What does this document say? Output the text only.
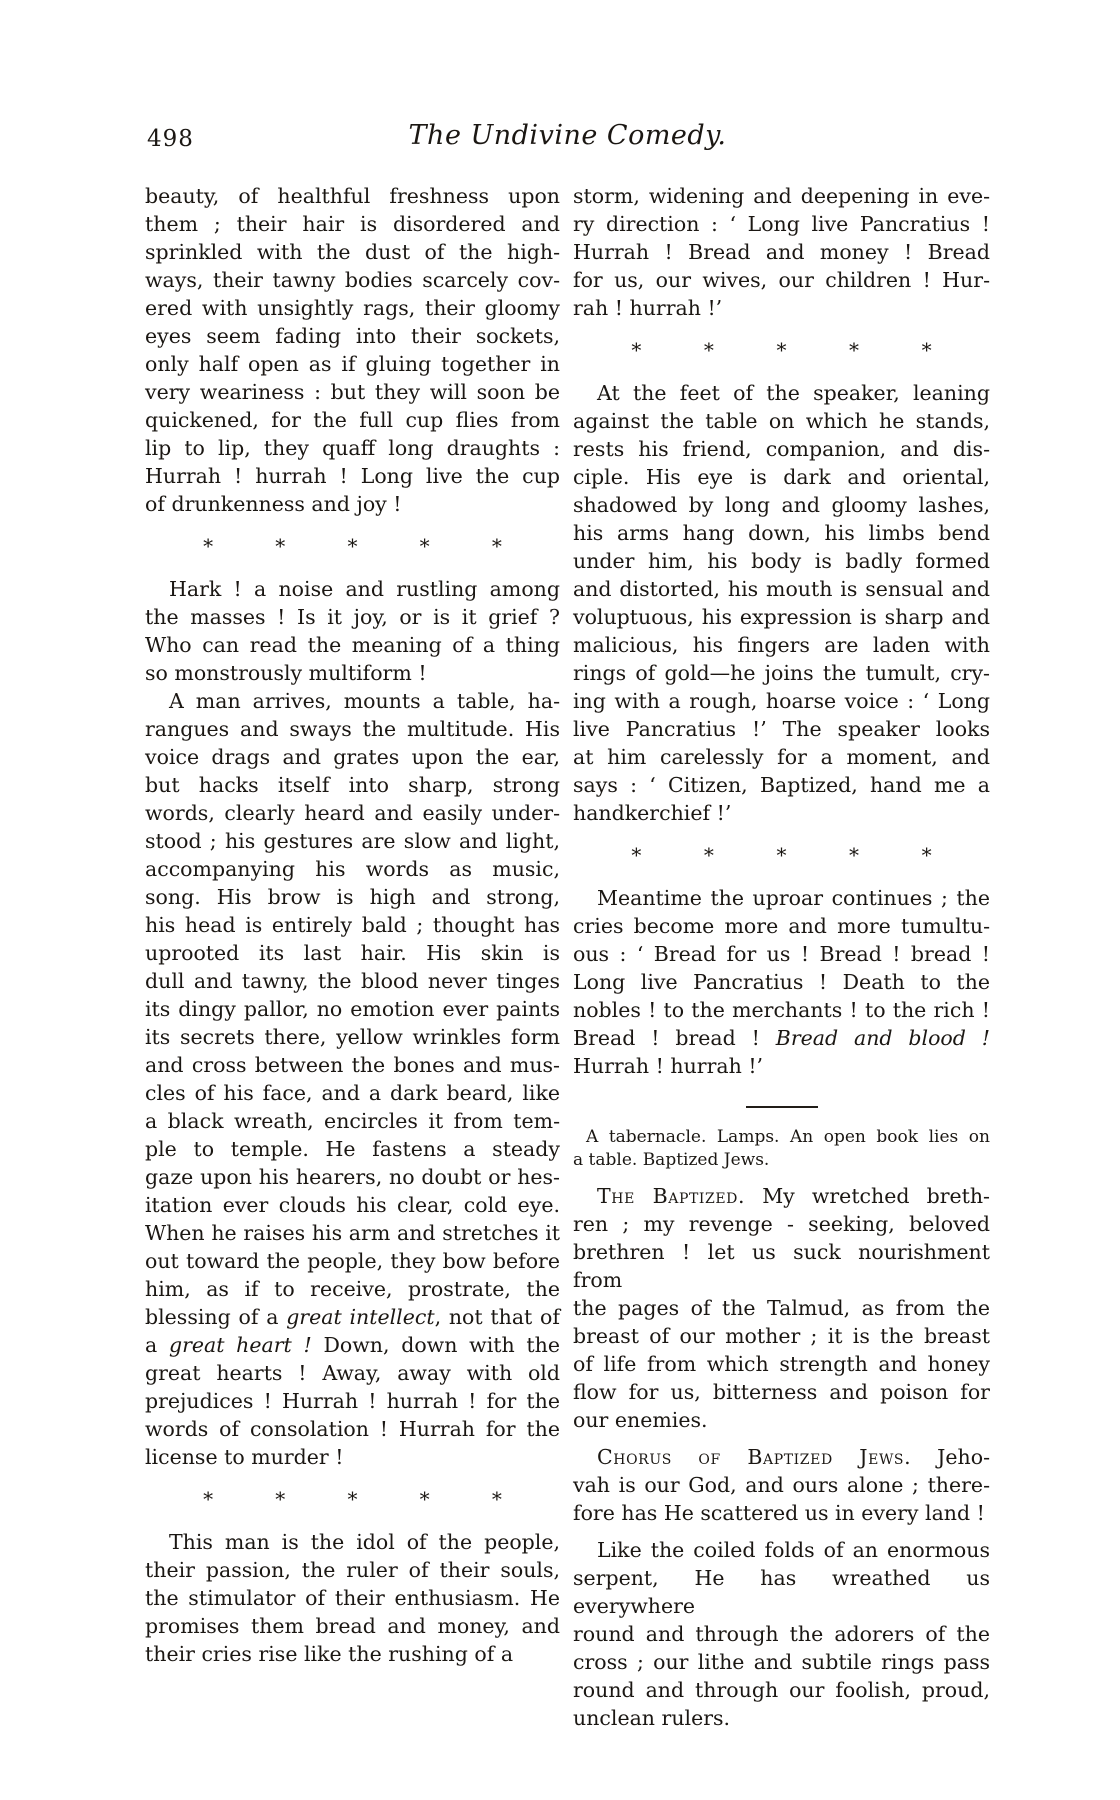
498	The Undivine Comedy.
beauty, of healthful freshness upon
them ; their hair is disordered and
sprinkled with the dust of the high-
ways, their tawny bodies scarcely cov-
ered with unsightly rags, their gloomy
eyes seem fading into their sockets,
only half open as if gluing together in
very weariness : but they will soon be
quickened, for the full cup flies from
lip to lip, they quaff long draughts :
Hurrah ! hurrah ! Long live the cup
of drunkenness and joy !
* * * * *
Hark ! a noise and rustling among
the masses ! Is it joy, or is it grief ?
Who can read the meaning of a thing
so monstrously multiform !
A man arrives, mounts a table, ha-
rangues and sways the multitude. His
voice drags and grates upon the ear,
but hacks itself into sharp, strong
words, clearly heard and easily under-
stood ; his gestures are slow and light,
accompanying his words as music,
song. His brow is high and strong,
his head is entirely bald ; thought has
uprooted its last hair. His skin is
dull and tawny, the blood never tinges
its dingy pallor, no emotion ever paints
its secrets there, yellow wrinkles form
and cross between the bones and mus-
cles of his face, and a dark beard, like
a black wreath, encircles it from tem-
ple to temple. He fastens a steady
gaze upon his hearers, no doubt or hes-
itation ever clouds his clear, cold eye.
When he raises his arm and stretches it
out toward the people, they bow before
him, as if to receive, prostrate, the
blessing of a great intellect, not that of
a great heart ! Down, down with the
great hearts ! Away, away with old
prejudices ! Hurrah ! hurrah ! for the
words of consolation ! Hurrah for the
license to murder !
* * * * *
This man is the idol of the people,
their passion, the ruler of their souls,
the stimulator of their enthusiasm. He
promises them bread and money, and
their cries rise like the rushing of a
storm, widening and deepening in eve-
ry direction : ‘ Long live Pancratius !
Hurrah ! Bread and money ! Bread
for us, our wives, our children ! Hur-
rah ! hurrah !’
* * * * *
At the feet of the speaker, leaning
against the table on which he stands,
rests his friend, companion, and dis-
ciple. His eye is dark and oriental,
shadowed by long and gloomy lashes,
his arms hang down, his limbs bend
under him, his body is badly formed
and distorted, his mouth is sensual and
voluptuous, his expression is sharp and
malicious, his fingers are laden with
rings of gold—he joins the tumult, cry-
ing with a rough, hoarse voice : ‘ Long
live Pancratius !’ The speaker looks
at him carelessly for a moment, and
says : ‘ Citizen, Baptized, hand me a
handkerchief !’
* * * * *
Meantime the uproar continues ; the
cries become more and more tumultu-
ous : ‘ Bread for us ! Bread ! bread !
Long live Pancratius ! Death to the
nobles ! to the merchants ! to the rich !
Bread ! bread ! Bread and blood !
Hurrah ! hurrah !’
A tabernacle. Lamps. An open book lies on
a table. Baptized Jews.
The Baptized. My wretched breth-
ren ; my revenge - seeking, beloved
brethren ! let us suck nourishment from
the pages of the Talmud, as from the
breast of our mother ; it is the breast
of life from which strength and honey
flow for us, bitterness and poison for
our enemies.
Chorus of Baptized Jews. Jeho-
vah is our God, and ours alone ; there-
fore has He scattered us in every land !
Like the coiled folds of an enormous
serpent, He has wreathed us everywhere
round and through the adorers of the
cross ; our lithe and subtile rings pass
round and through our foolish, proud,
unclean rulers.
